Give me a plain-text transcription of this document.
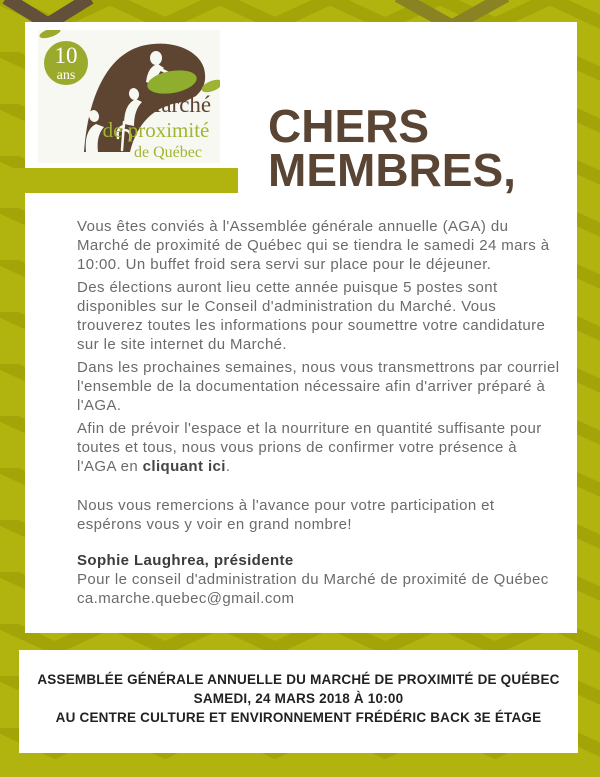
10
ans
Marché
de proximité
de Québec
CHERS
MEMBRES,

Vous êtes conviés à l'Assemblée générale annuelle (AGA) du
Marché de proximité de Québec qui se tiendra le samedi 24 mars à
10:00. Un buffet froid sera servi sur place pour le déjeuner.

Des élections auront lieu cette année puisque 5 postes sont
disponibles sur le Conseil d'administration du Marché. Vous
trouverez toutes les informations pour soumettre votre candidature
sur le site internet du Marché.

Dans les prochaines semaines, nous vous transmettrons par courriel
l'ensemble de la documentation nécessaire afin d'arriver préparé à
l'AGA.

Afin de prévoir l'espace et la nourriture en quantité suffisante pour
toutes et tous, nous vous prions de confirmer votre présence à
l'AGA en cliquant ici.

Nous vous remercions à l'avance pour votre participation et
espérons vous y voir en grand nombre!

Sophie Laughrea, présidente

Pour le conseil d'administration du Marché de proximité de Québec

ca.marche.quebec@gmail.com

ASSEMBLÉE GÉNÉRALE ANNUELLE DU MARCHÉ DE PROXIMITÉ DE QUÉBEC

SAMEDI, 24 MARS 2018 À 10:00

AU CENTRE CULTURE ET ENVIRONNEMENT FRÉDÉRIC BACK 3E ÉTAGE
